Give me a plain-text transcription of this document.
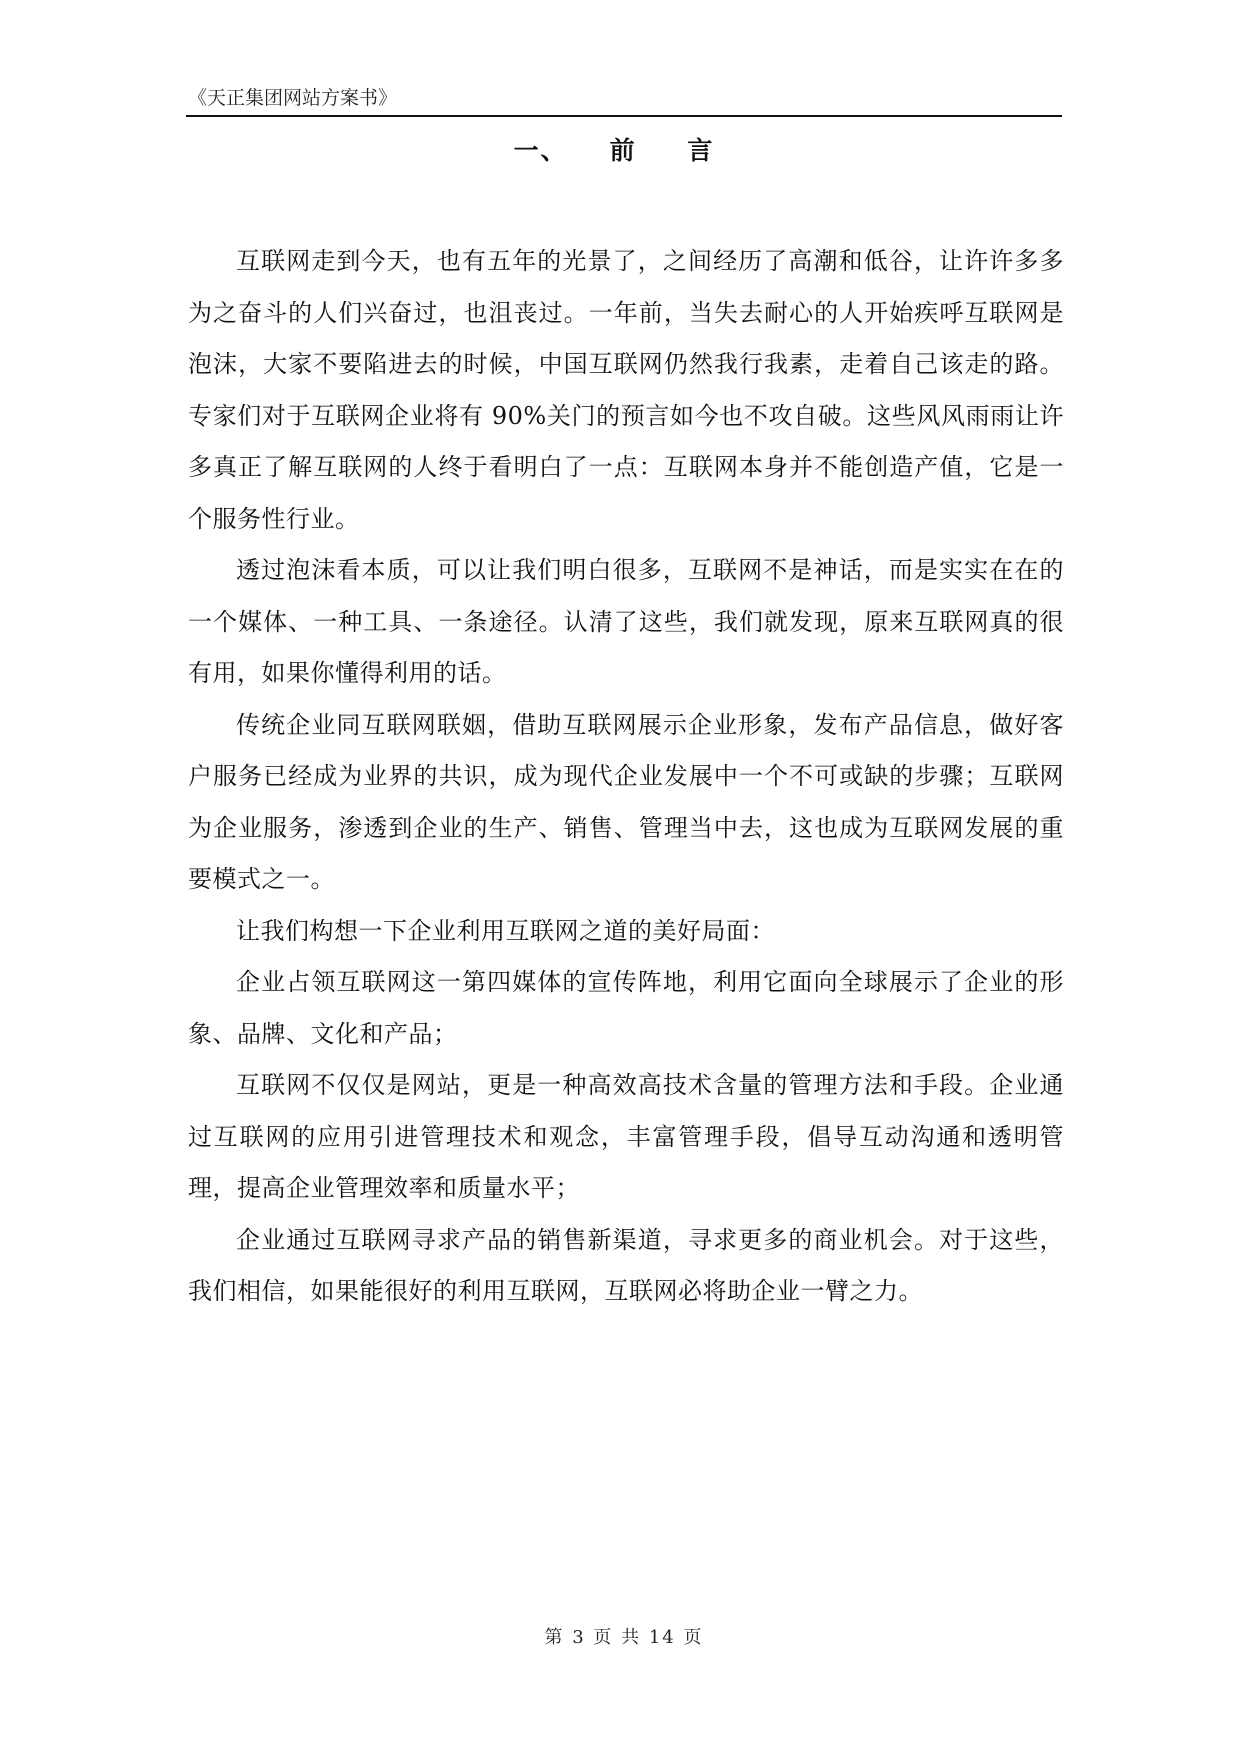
《天正集团网站方案书》
一、 前 言

互联网走到今天，也有五年的光景了，之间经历了高潮和低谷，让许许多多为之奋斗的人们兴奋过，也沮丧过。一年前，当失去耐心的人开始疾呼互联网是泡沫，大家不要陷进去的时候，中国互联网仍然我行我素，走着自己该走的路。专家们对于互联网企业将有 90%关门的预言如今也不攻自破。这些风风雨雨让许多真正了解互联网的人终于看明白了一点：互联网本身并不能创造产值，它是一个服务性行业。

透过泡沫看本质，可以让我们明白很多，互联网不是神话，而是实实在在的一个媒体、一种工具、一条途径。认清了这些，我们就发现，原来互联网真的很有用，如果你懂得利用的话。

传统企业同互联网联姻，借助互联网展示企业形象，发布产品信息，做好客户服务已经成为业界的共识，成为现代企业发展中一个不可或缺的步骤；互联网为企业服务，渗透到企业的生产、销售、管理当中去，这也成为互联网发展的重要模式之一。

让我们构想一下企业利用互联网之道的美好局面：

企业占领互联网这一第四媒体的宣传阵地，利用它面向全球展示了企业的形象、品牌、文化和产品；

互联网不仅仅是网站，更是一种高效高技术含量的管理方法和手段。企业通过互联网的应用引进管理技术和观念，丰富管理手段，倡导互动沟通和透明管理，提高企业管理效率和质量水平；

企业通过互联网寻求产品的销售新渠道，寻求更多的商业机会。对于这些，我们相信，如果能很好的利用互联网，互联网必将助企业一臂之力。

第 3 页 共 14 页
